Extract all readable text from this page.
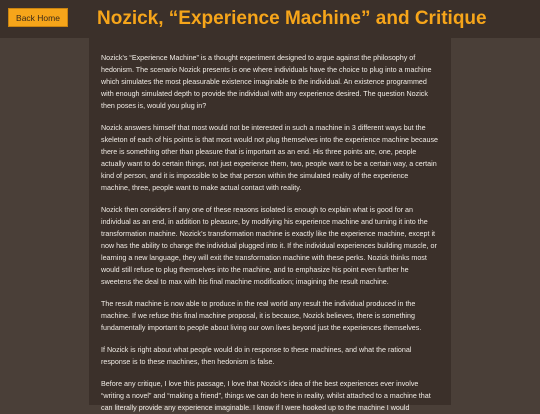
Back Home	Nozick, “Experience Machine” and Critique

Nozick’s “Experience Machine” is a thought experiment designed to argue against the philosophy of hedonism. The scenario Nozick presents is one where individuals have the choice to plug into a machine which simulates the most pleasurable existence imaginable to the individual. An existence programmed with enough simulated depth to provide the individual with any experience desired. The question Nozick then poses is, would you plug in?

Nozick answers himself that most would not be interested in such a machine in 3 different ways but the skeleton of each of his points is that most would not plug themselves into the experience machine because there is something other than pleasure that is important as an end. His three points are, one, people actually want to do certain things, not just experience them, two, people want to be a certain way, a certain kind of person, and it is impossible to be that person within the simulated reality of the experience machine, three, people want to make actual contact with reality.

Nozick then considers if any one of these reasons isolated is enough to explain what is good for an individual as an end, in addition to pleasure, by modifying his experience machine and turning it into the transformation machine. Nozick’s transformation machine is exactly like the experience machine, except it now has the ability to change the individual plugged into it. If the individual experiences building muscle, or learning a new language, they will exit the transformation machine with these perks. Nozick thinks most would still refuse to plug themselves into the machine, and to emphasize his point even further he sweetens the deal to max with his final machine modification; imagining the result machine.

The result machine is now able to produce in the real world any result the individual produced in the machine. If we refuse this final machine proposal, it is because, Nozick believes, there is something fundamentally important to people about living our own lives beyond just the experiences themselves.

If Nozick is right about what people would do in response to these machines, and what the rational response is to these machines, then hedonism is false.

Before any critique, I love this passage, I love that Nozick’s idea of the best experiences ever involve “writing a novel” and “making a friend”, things we can do here in reality, whilst attached to a machine that can literally provide any experience imaginable. I know if I were hooked up to the machine I would
